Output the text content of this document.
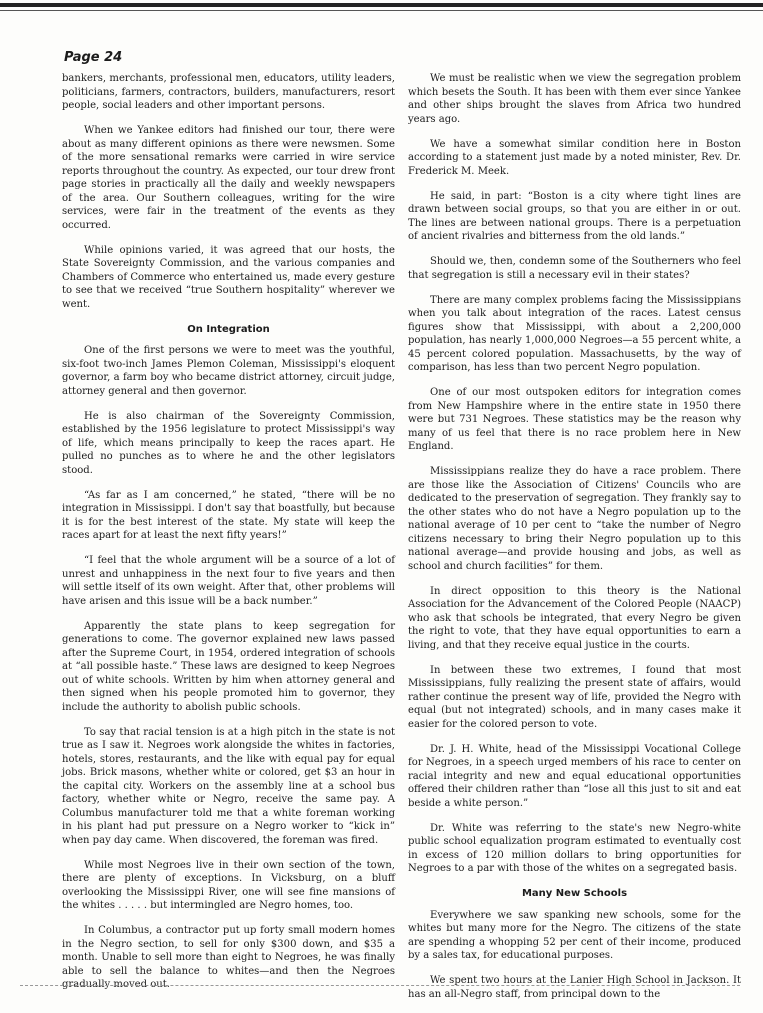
Page 24

bankers, merchants, professional men, educators, utility leaders, politicians, farmers, contractors, builders, manufacturers, resort people, social leaders and other important persons.

When we Yankee editors had finished our tour, there were about as many different opinions as there were newsmen. Some of the more sensational remarks were carried in wire service reports throughout the country. As expected, our tour drew front page stories in practically all the daily and weekly newspapers of the area. Our Southern colleagues, writing for the wire services, were fair in the treatment of the events as they occurred.

While opinions varied, it was agreed that our hosts, the State Sovereignty Commission, and the various companies and Chambers of Commerce who entertained us, made every gesture to see that we received “true Southern hospitality” wherever we went.

On Integration

One of the first persons we were to meet was the youthful, six-foot two-inch James Plemon Coleman, Mississippi's eloquent governor, a farm boy who became district attorney, circuit judge, attorney general and then governor.

He is also chairman of the Sovereignty Commission, established by the 1956 legislature to protect Mississippi's way of life, which means principally to keep the races apart. He pulled no punches as to where he and the other legislators stood.

“As far as I am concerned,” he stated, “there will be no integration in Mississippi. I don't say that boastfully, but because it is for the best interest of the state. My state will keep the races apart for at least the next fifty years!”

“I feel that the whole argument will be a source of a lot of unrest and unhappiness in the next four to five years and then will settle itself of its own weight. After that, other problems will have arisen and this issue will be a back number.”

Apparently the state plans to keep segregation for generations to come. The governor explained new laws passed after the Supreme Court, in 1954, ordered integration of schools at “all possible haste.” These laws are designed to keep Negroes out of white schools. Written by him when attorney general and then signed when his people promoted him to governor, they include the authority to abolish public schools.

To say that racial tension is at a high pitch in the state is not true as I saw it. Negroes work alongside the whites in factories, hotels, stores, restaurants, and the like with equal pay for equal jobs. Brick masons, whether white or colored, get $3 an hour in the capital city. Workers on the assembly line at a school bus factory, whether white or Negro, receive the same pay. A Columbus manufacturer told me that a white foreman working in his plant had put pressure on a Negro worker to “kick in” when pay day came. When discovered, the foreman was fired.

While most Negroes live in their own section of the town, there are plenty of exceptions. In Vicksburg, on a bluff overlooking the Mississippi River, one will see fine mansions of the whites . . . . . but intermingled are Negro homes, too.

In Columbus, a contractor put up forty small modern homes in the Negro section, to sell for only $300 down, and $35 a month. Unable to sell more than eight to Negroes, he was finally able to sell the balance to whites—and then the Negroes gradually moved out.

We must be realistic when we view the segregation problem which besets the South. It has been with them ever since Yankee and other ships brought the slaves from Africa two hundred years ago.

We have a somewhat similar condition here in Boston according to a statement just made by a noted minister, Rev. Dr. Frederick M. Meek.

He said, in part: “Boston is a city where tight lines are drawn between social groups, so that you are either in or out. The lines are between national groups. There is a perpetuation of ancient rivalries and bitterness from the old lands.”

Should we, then, condemn some of the Southerners who feel that segregation is still a necessary evil in their states?

There are many complex problems facing the Mississippians when you talk about integration of the races. Latest census figures show that Mississippi, with about a 2,200,000 population, has nearly 1,000,000 Negroes—a 55 percent white, a 45 percent colored population. Massachusetts, by the way of comparison, has less than two percent Negro population.

One of our most outspoken editors for integration comes from New Hampshire where in the entire state in 1950 there were but 731 Negroes. These statistics may be the reason why many of us feel that there is no race problem here in New England.

Mississippians realize they do have a race problem. There are those like the Association of Citizens' Councils who are dedicated to the preservation of segregation. They frankly say to the other states who do not have a Negro population up to the national average of 10 per cent to “take the number of Negro citizens necessary to bring their Negro population up to this national average—and provide housing and jobs, as well as school and church facilities” for them.

In direct opposition to this theory is the National Association for the Advancement of the Colored People (NAACP) who ask that schools be integrated, that every Negro be given the right to vote, that they have equal opportunities to earn a living, and that they receive equal justice in the courts.

In between these two extremes, I found that most Mississippians, fully realizing the present state of affairs, would rather continue the present way of life, provided the Negro with equal (but not integrated) schools, and in many cases make it easier for the colored person to vote.

Dr. J. H. White, head of the Mississippi Vocational College for Negroes, in a speech urged members of his race to center on racial integrity and new and equal educational opportunities offered their children rather than “lose all this just to sit and eat beside a white person.”

Dr. White was referring to the state's new Negro-white public school equalization program estimated to eventually cost in excess of 120 million dollars to bring opportunities for Negroes to a par with those of the whites on a segregated basis.

Many New Schools

Everywhere we saw spanking new schools, some for the whites but many more for the Negro. The citizens of the state are spending a whopping 52 per cent of their income, produced by a sales tax, for educational purposes.

We spent two hours at the Lanier High School in Jackson. It has an all-Negro staff, from principal down to the
